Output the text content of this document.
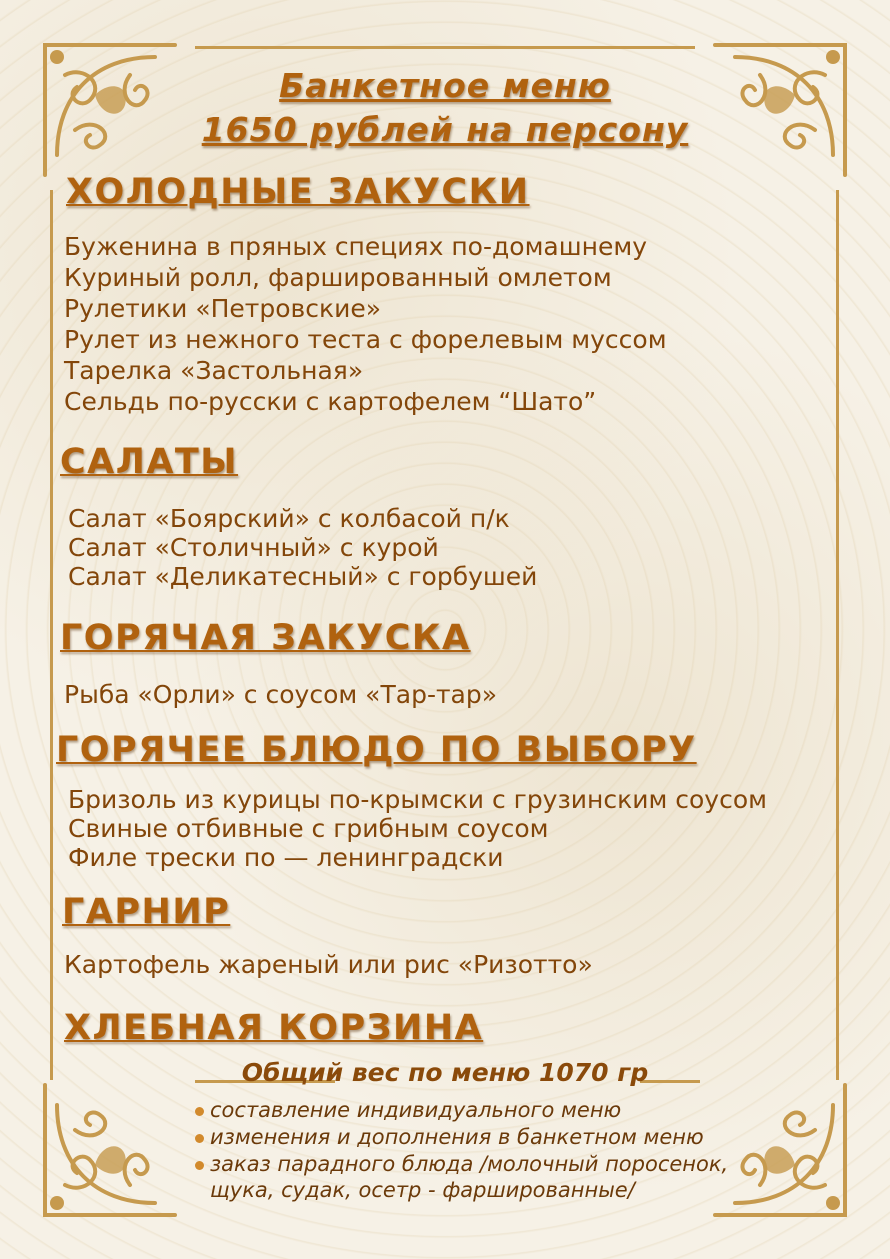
Банкетное меню
1650 рублей на персону
ХОЛОДНЫЕ ЗАКУСКИ
Буженина в пряных специях по-домашнему
Куриный ролл, фаршированный омлетом
Рулетики «Петровские»
Рулет из нежного теста с форелевым муссом
Тарелка «Застольная»
Сельдь по-русски с картофелем “Шато”
САЛАТЫ
Салат «Боярский» с колбасой п/к
Салат «Столичный» с курой
Салат «Деликатесный» с горбушей
ГОРЯЧАЯ ЗАКУСКА
Рыба «Орли» с соусом «Тар-тар»
ГОРЯЧЕЕ БЛЮДО ПО ВЫБОРУ
Бризоль из курицы по-крымски с грузинским соусом
Свиные отбивные с грибным соусом
Филе трески по — ленинградски
ГАРНИР
Картофель жареный или рис «Ризотто»
ХЛЕБНАЯ КОРЗИНА
Общий вес по меню 1070 гр
составление индивидуального меню
изменения и дополнения в банкетном меню
заказ парадного блюда /молочный поросенок,
щука, судак, осетр - фаршированные/
